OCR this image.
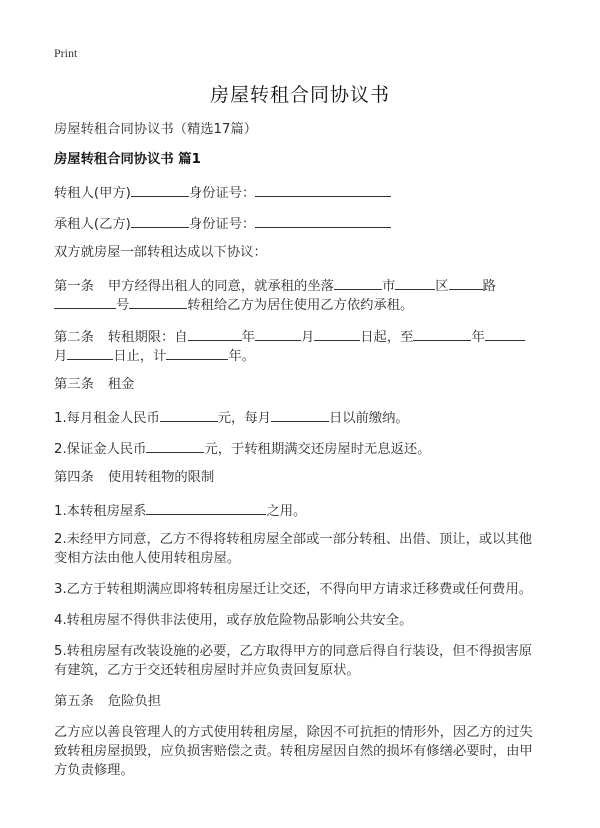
Print
房屋转租合同协议书
房屋转租合同协议书（精选17篇）
房屋转租合同协议书 篇1
转租人(甲方)	身份证号：
承租人(乙方)	身份证号：
双方就房屋一部转租达成以下协议：
第一条 甲方经得出租人的同意，就承租的坐落	市	区	路
号	转租给乙方为居住使用乙方依约承租。
第二条 转租期限：自	年	月	日起，至	年
月	日止，计	年。
第三条 租金
1.每月租金人民币	元，每月	日以前缴纳。
2.保证金人民币	元，于转租期满交还房屋时无息返还。
第四条 使用转租物的限制
1.本转租房屋系	之用。
2.未经甲方同意，乙方不得将转租房屋全部或一部分转租、出借、顶让，或以其他
变相方法由他人使用转租房屋。
3.乙方于转租期满应即将转租房屋迁让交还，不得向甲方请求迁移费或任何费用。
4.转租房屋不得供非法使用，或存放危险物品影响公共安全。
5.转租房屋有改装设施的必要，乙方取得甲方的同意后得自行装设，但不得损害原
有建筑，乙方于交还转租房屋时并应负责回复原状。
第五条 危险负担
乙方应以善良管理人的方式使用转租房屋，除因不可抗拒的情形外，因乙方的过失
致转租房屋损毁，应负损害赔偿之责。转租房屋因自然的损坏有修缮必要时，由甲
方负责修理。
